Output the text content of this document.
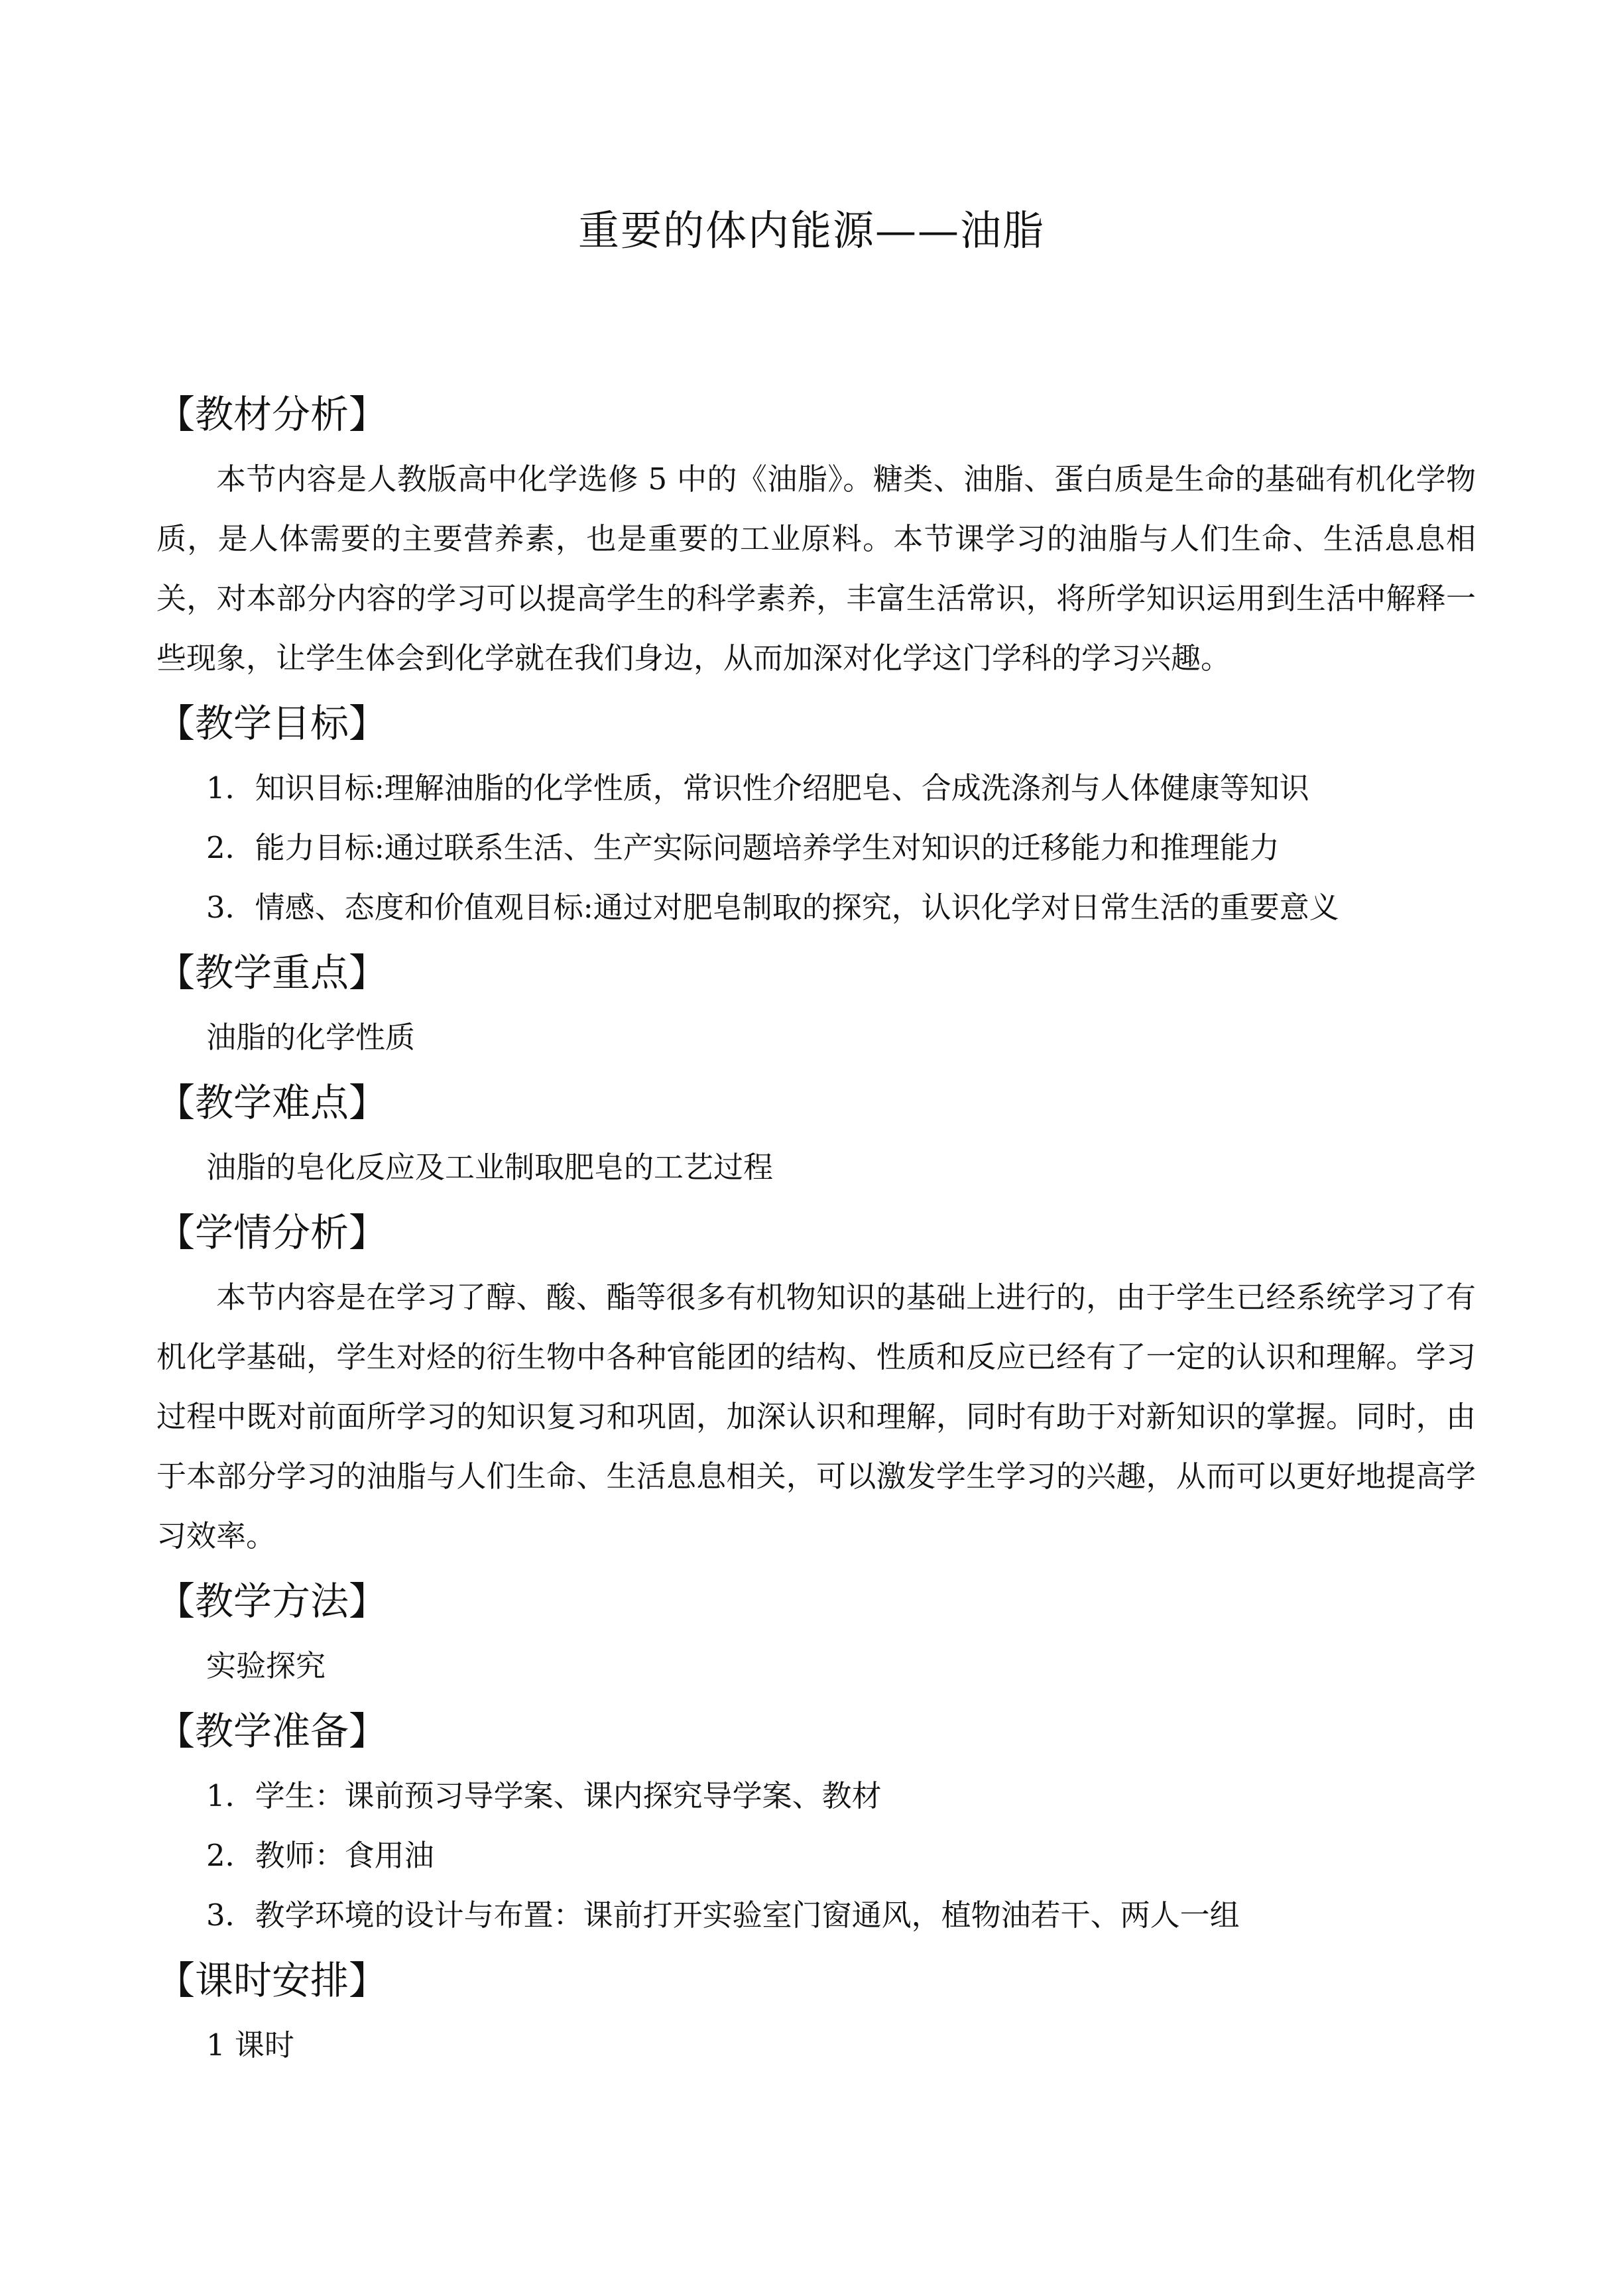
重要的体内能源——油脂
【教材分析】

本节内容是人教版高中化学选修 5 中的《油脂》。糖类、油脂、蛋白质是生命的基础有机化学物质，是人体需要的主要营养素，也是重要的工业原料。本节课学习的油脂与人们生命、生活息息相关，对本部分内容的学习可以提高学生的科学素养，丰富生活常识，将所学知识运用到生活中解释一些现象，让学生体会到化学就在我们身边，从而加深对化学这门学科的学习兴趣。

【教学目标】

1．知识目标:理解油脂的化学性质，常识性介绍肥皂、合成洗涤剂与人体健康等知识

2．能力目标:通过联系生活、生产实际问题培养学生对知识的迁移能力和推理能力

3．情感、态度和价值观目标:通过对肥皂制取的探究，认识化学对日常生活的重要意义

【教学重点】

油脂的化学性质

【教学难点】

油脂的皂化反应及工业制取肥皂的工艺过程

【学情分析】

本节内容是在学习了醇、酸、酯等很多有机物知识的基础上进行的，由于学生已经系统学习了有机化学基础，学生对烃的衍生物中各种官能团的结构、性质和反应已经有了一定的认识和理解。学习过程中既对前面所学习的知识复习和巩固，加深认识和理解，同时有助于对新知识的掌握。同时，由于本部分学习的油脂与人们生命、生活息息相关，可以激发学生学习的兴趣，从而可以更好地提高学习效率。

【教学方法】

实验探究

【教学准备】

1．学生：课前预习导学案、课内探究导学案、教材

2．教师：食用油

3．教学环境的设计与布置：课前打开实验室门窗通风，植物油若干、两人一组

【课时安排】

1 课时
